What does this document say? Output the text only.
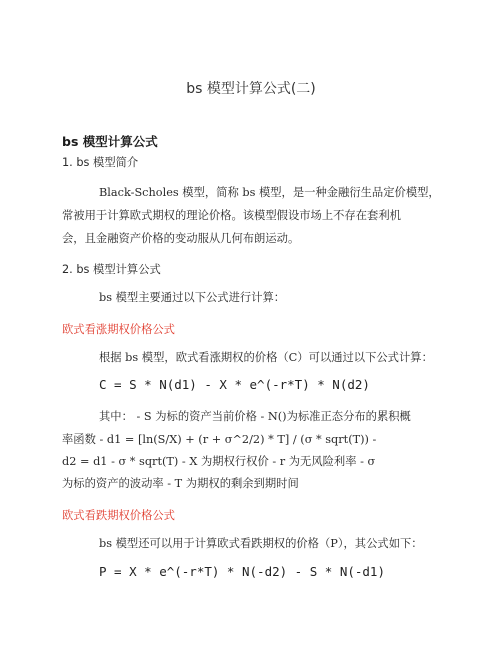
bs 模型计算公式(二)
bs 模型计算公式
1. bs 模型简介
Black-Scholes 模型，简称 bs 模型，是一种金融衍生品定价模型，
常被用于计算欧式期权的理论价格。该模型假设市场上不存在套利机
会，且金融资产价格的变动服从几何布朗运动。
2. bs 模型计算公式
bs 模型主要通过以下公式进行计算：
欧式看涨期权价格公式
根据 bs 模型，欧式看涨期权的价格（C）可以通过以下公式计算：
C = S * N(d1) - X * e^(-r*T) * N(d2)
其中： - S 为标的资产当前价格 - N()为标准正态分布的累积概
率函数 - d1 = [ln(S/X) + (r + σ^2/2) * T] / (σ * sqrt(T)) -
d2 = d1 - σ * sqrt(T) - X 为期权行权价 - r 为无风险利率 - σ
为标的资产的波动率 - T 为期权的剩余到期时间
欧式看跌期权价格公式
bs 模型还可以用于计算欧式看跌期权的价格（P），其公式如下：
P = X * e^(-r*T) * N(-d2) - S * N(-d1)
